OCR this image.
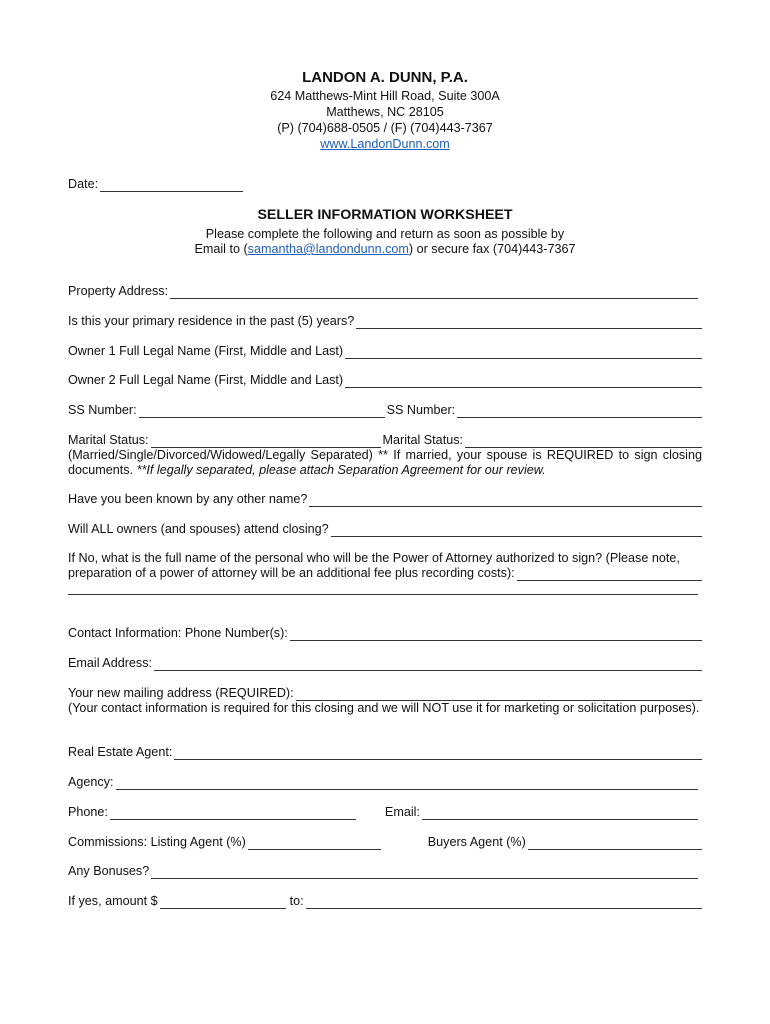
LANDON A. DUNN, P.A.
624 Matthews-Mint Hill Road, Suite 300A
Matthews, NC 28105
(P) (704)688-0505 / (F) (704)443-7367
www.LandonDunn.com
Date:
SELLER INFORMATION WORKSHEET
Please complete the following and return as soon as possible by
Email to (samantha@landondunn.com) or secure fax (704)443-7367
Property Address:
Is this your primary residence in the past (5) years?
Owner 1 Full Legal Name (First, Middle and Last)
Owner 2 Full Legal Name (First, Middle and Last)
SS Number:	SS Number:
Marital Status:	Marital Status:
(Married/Single/Divorced/Widowed/Legally Separated) ** If married, your spouse is REQUIRED to sign closing documents. **If legally separated, please attach Separation Agreement for our review.
Have you been known by any other name?
Will ALL owners (and spouses) attend closing?
If No, what is the full name of the personal who will be the Power of Attorney authorized to sign? (Please note,
preparation of a power of attorney will be an additional fee plus recording costs):
Contact Information: Phone Number(s):
Email Address:
Your new mailing address (REQUIRED):
(Your contact information is required for this closing and we will NOT use it for marketing or solicitation purposes).
Real Estate Agent:
Agency:
Phone:	Email:
Commissions: Listing Agent (%)	Buyers Agent (%)
Any Bonuses?
If yes, amount $	to:
